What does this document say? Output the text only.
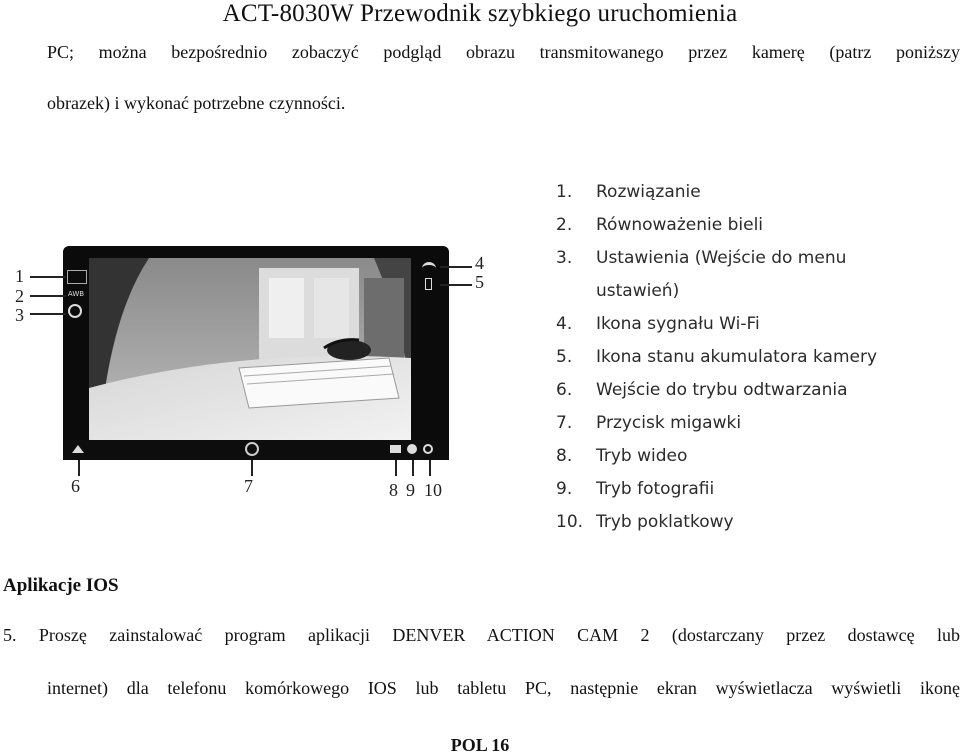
ACT-8030W Przewodnik szybkiego uruchomienia
PC; można bezpośrednio zobaczyć podgląd obrazu transmitowanego przez kamerę (patrz poniższy
obrazek) i wykonać potrzebne czynności.
AWB
1
2
3
4
5
6	7	8 9 10
1. Rozwiązanie
2. Równoważenie bieli
3. Ustawienia (Wejście do menu
ustawień)
4. Ikona sygnału Wi-Fi
5. Ikona stanu akumulatora kamery
6. Wejście do trybu odtwarzania
7. Przycisk migawki
8. Tryb wideo
9. Tryb fotografii
10. Tryb poklatkowy
Aplikacje IOS
5. Proszę zainstalować program aplikacji DENVER ACTION CAM 2 (dostarczany przez dostawcę lub
internet) dla telefonu komórkowego IOS lub tabletu PC, następnie ekran wyświetlacza wyświetli ikonę
POL 16
